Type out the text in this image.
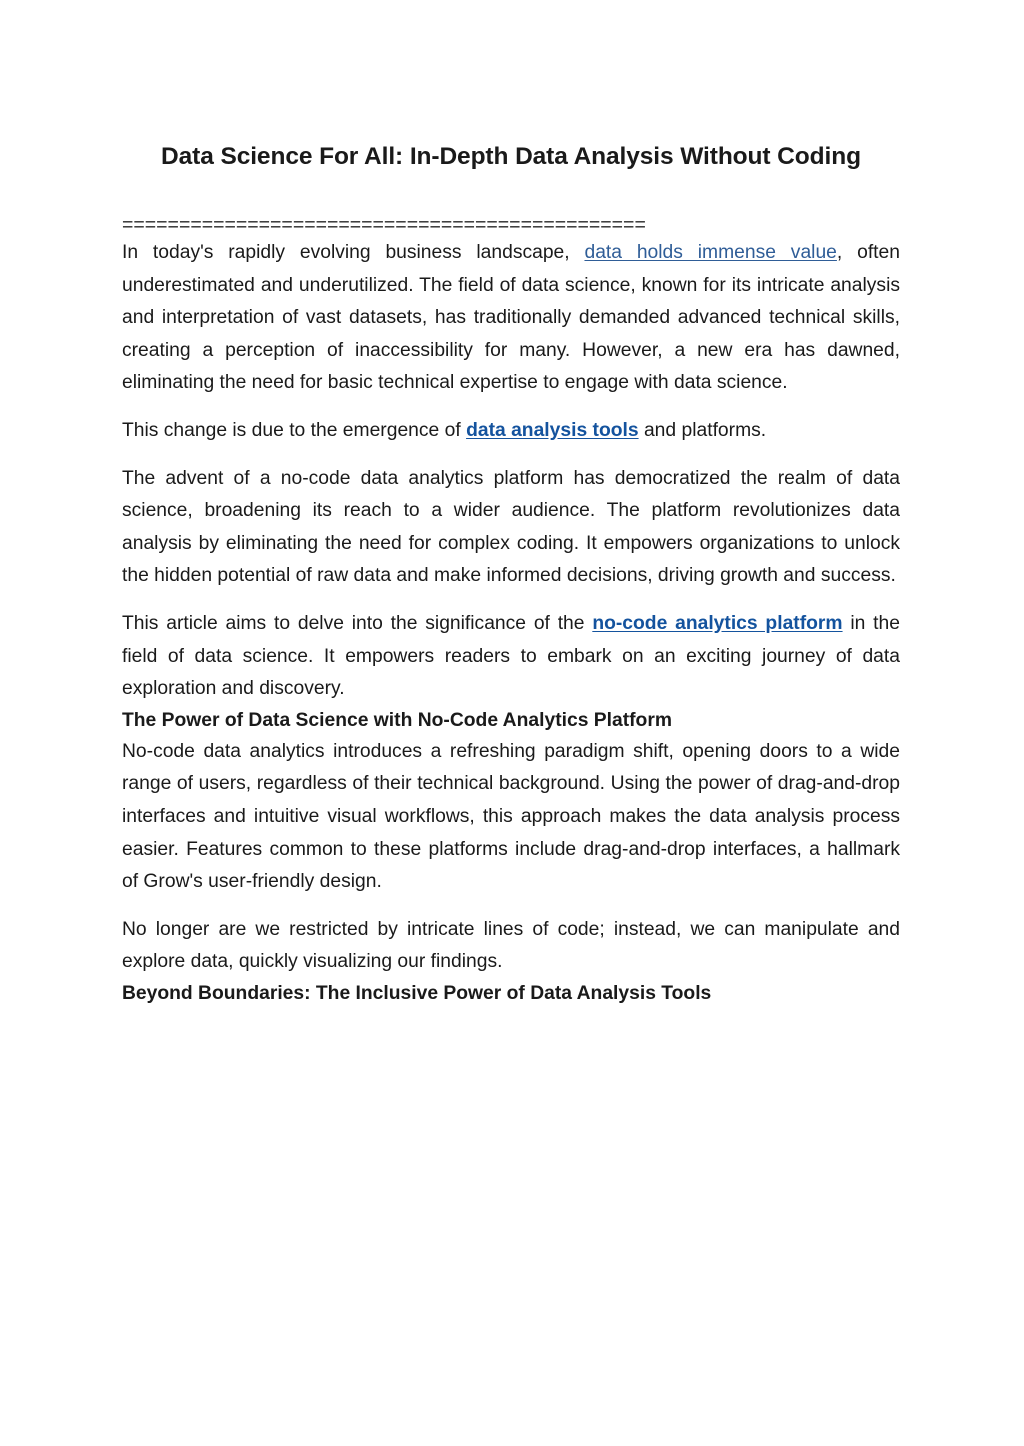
Data Science For All: In-Depth Data Analysis Without Coding
==============================================

In today's rapidly evolving business landscape, data holds immense value, often underestimated and underutilized. The field of data science, known for its intricate analysis and interpretation of vast datasets, has traditionally demanded advanced technical skills, creating a perception of inaccessibility for many. However, a new era has dawned, eliminating the need for basic technical expertise to engage with data science.

This change is due to the emergence of data analysis tools and platforms.

The advent of a no-code data analytics platform has democratized the realm of data science, broadening its reach to a wider audience. The platform revolutionizes data analysis by eliminating the need for complex coding. It empowers organizations to unlock the hidden potential of raw data and make informed decisions, driving growth and success.

This article aims to delve into the significance of the no-code analytics platform in the field of data science. It empowers readers to embark on an exciting journey of data exploration and discovery.

The Power of Data Science with No-Code Analytics Platform

No-code data analytics introduces a refreshing paradigm shift, opening doors to a wide range of users, regardless of their technical background. Using the power of drag-and-drop interfaces and intuitive visual workflows, this approach makes the data analysis process easier. Features common to these platforms include drag-and-drop interfaces, a hallmark of Grow's user-friendly design.

No longer are we restricted by intricate lines of code; instead, we can manipulate and explore data, quickly visualizing our findings.

Beyond Boundaries: The Inclusive Power of Data Analysis Tools
